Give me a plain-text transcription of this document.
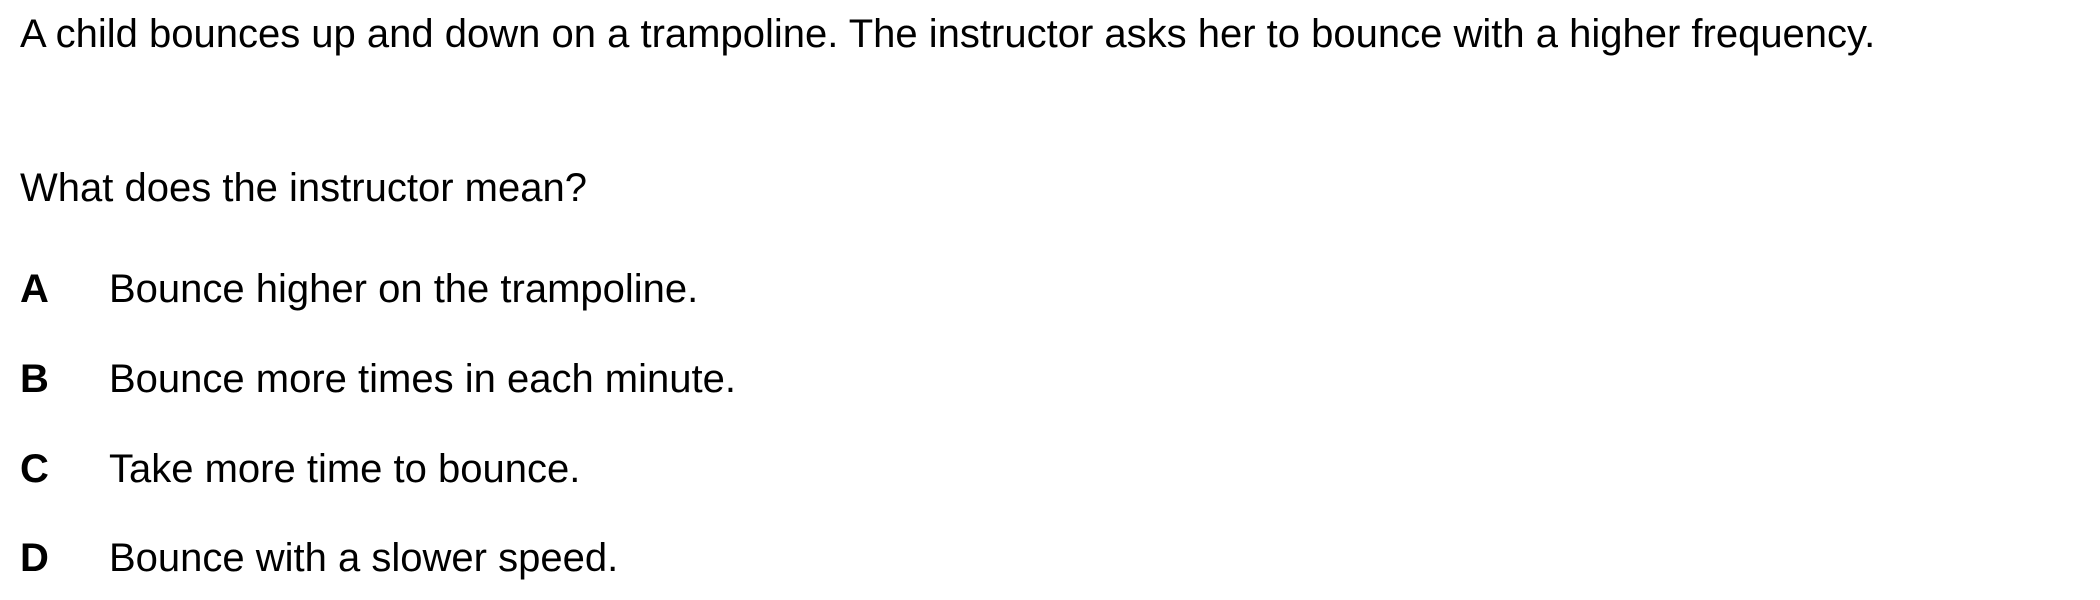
A child bounces up and down on a trampoline. The instructor asks her to bounce with a higher frequency.

What does the instructor mean?

A Bounce higher on the trampoline.
B Bounce more times in each minute.
C Take more time to bounce.
D Bounce with a slower speed.
